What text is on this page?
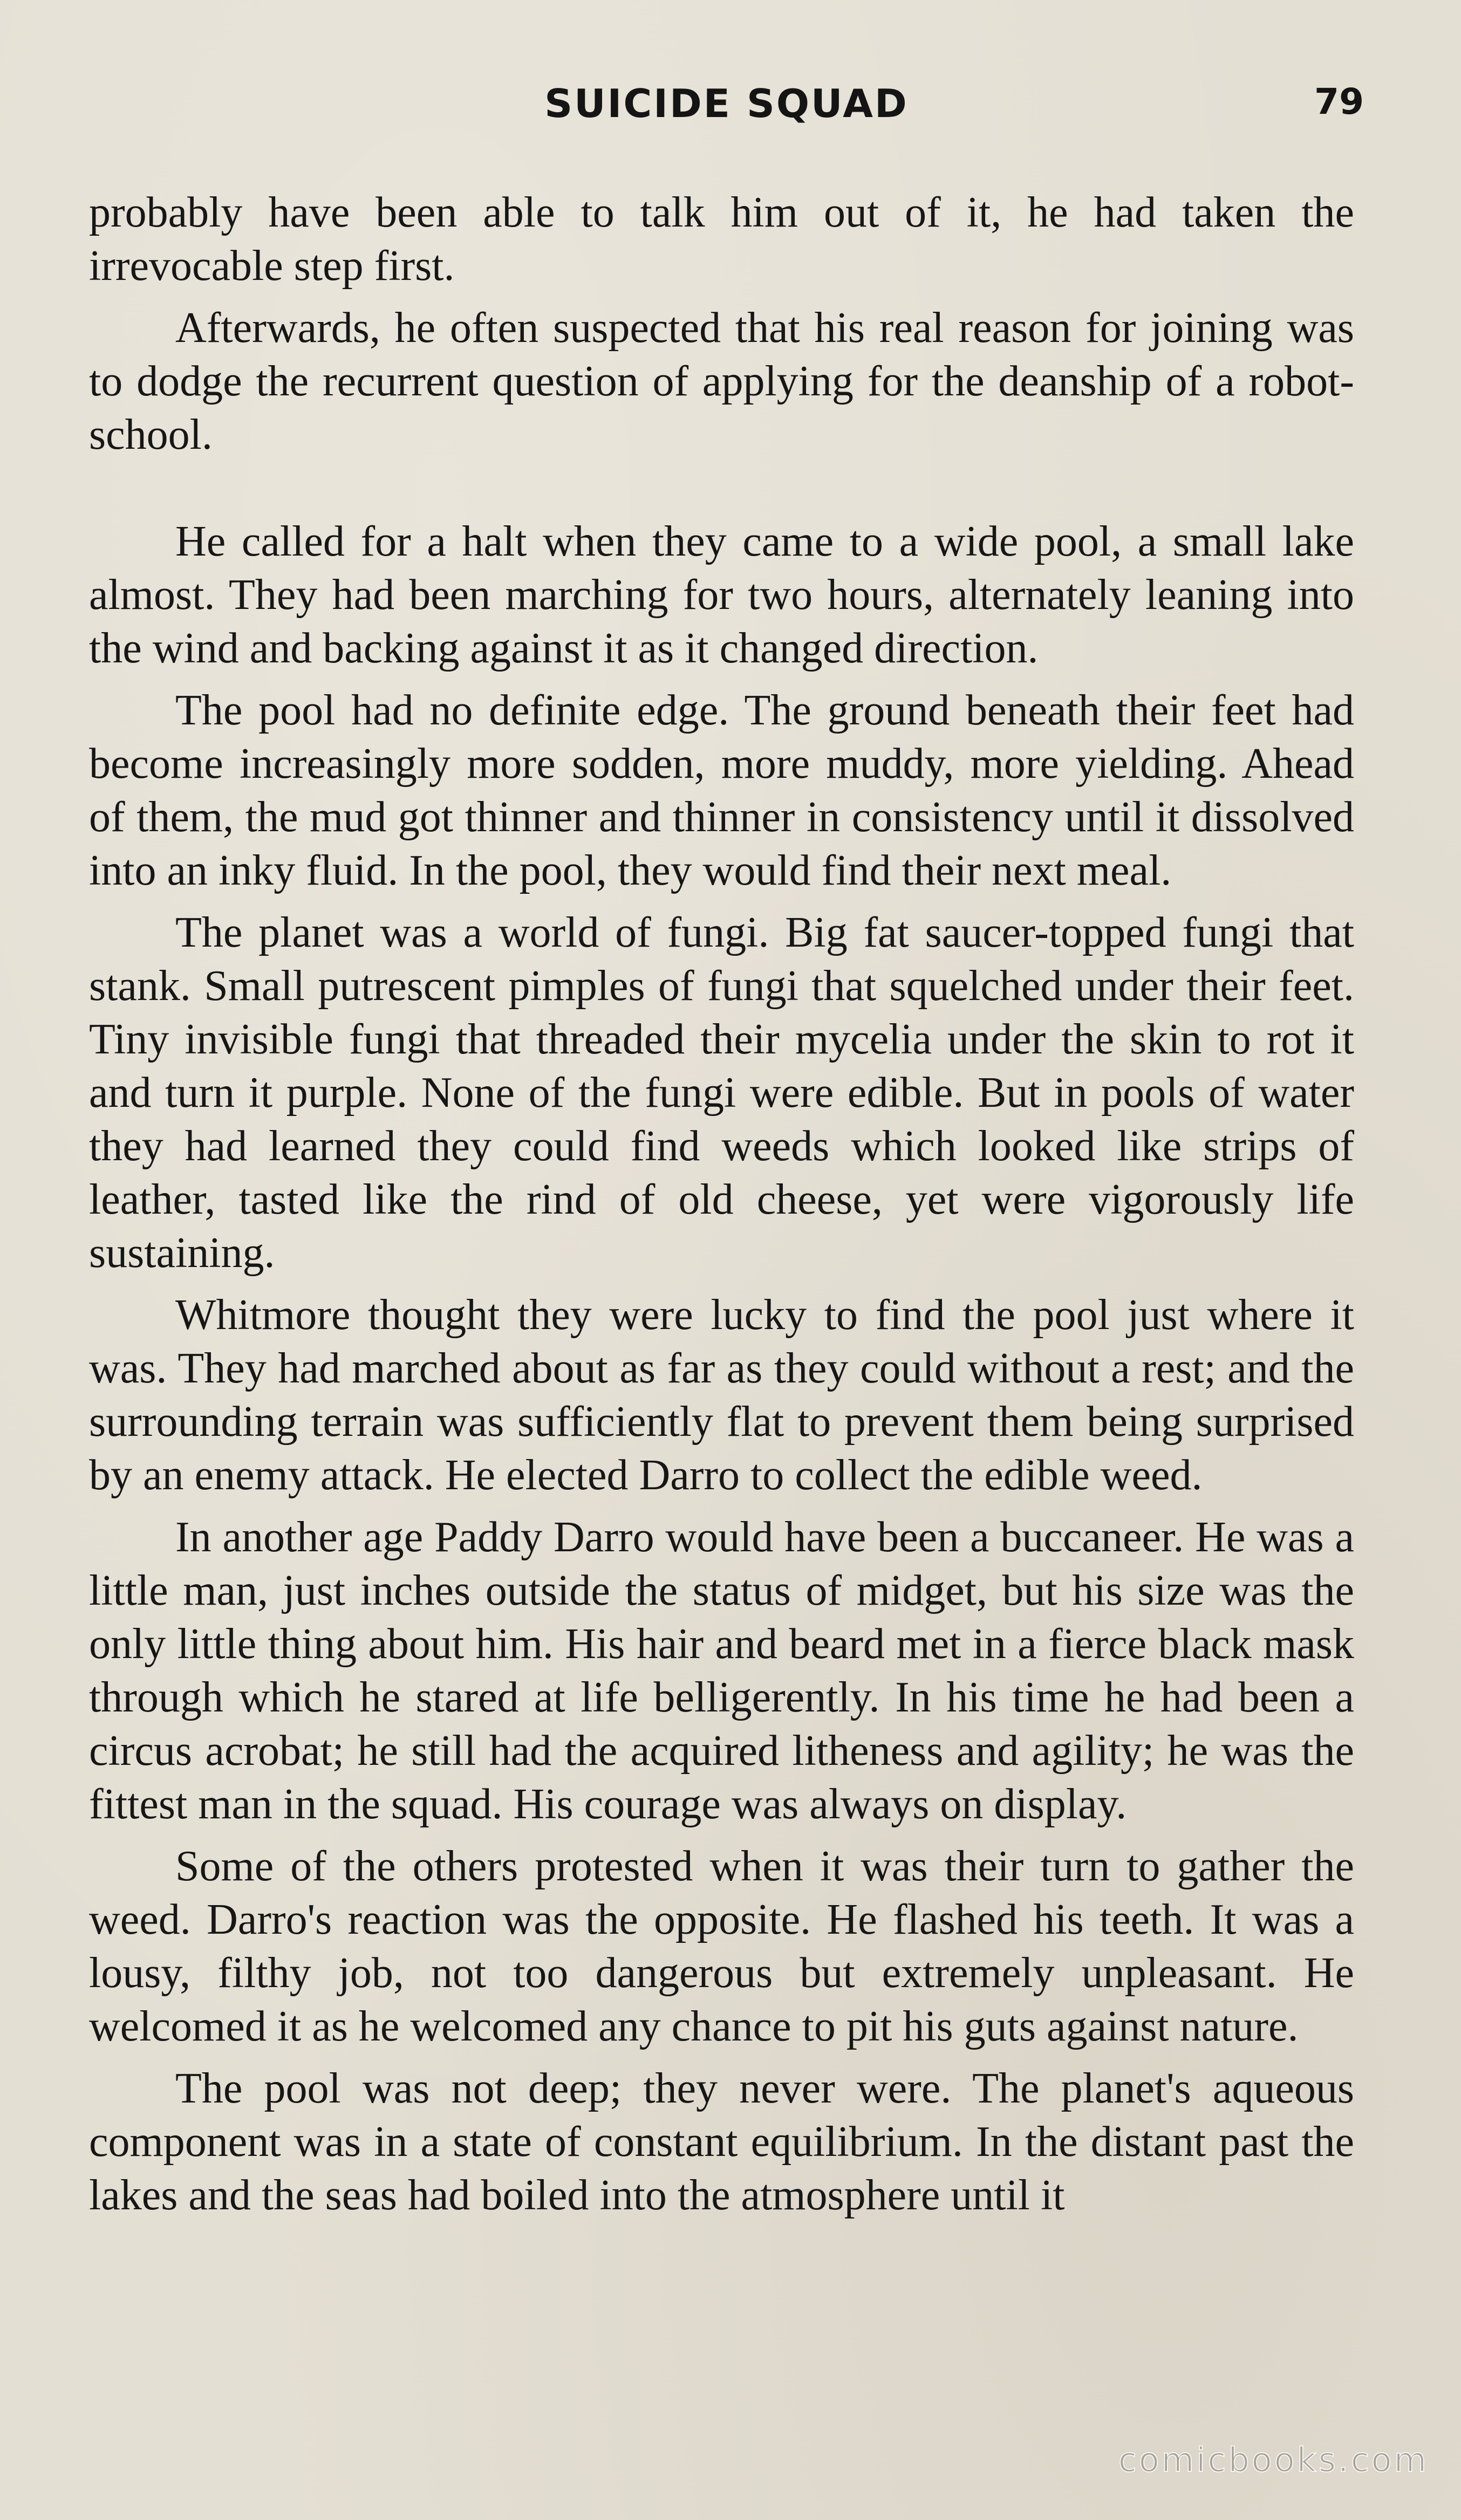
SUICIDE SQUAD	79

probably have been able to talk him out of it, he had taken the irrevocable step first.

Afterwards, he often suspected that his real reason for joining was to dodge the recurrent question of applying for the deanship of a robot-school.

He called for a halt when they came to a wide pool, a small lake almost. They had been marching for two hours, alternately leaning into the wind and backing against it as it changed direction.

The pool had no definite edge. The ground beneath their feet had become increasingly more sodden, more muddy, more yielding. Ahead of them, the mud got thinner and thinner in consistency until it dissolved into an inky fluid. In the pool, they would find their next meal.

The planet was a world of fungi. Big fat saucer-topped fungi that stank. Small putrescent pimples of fungi that squelched under their feet. Tiny invisible fungi that threaded their mycelia under the skin to rot it and turn it purple. None of the fungi were edible. But in pools of water they had learned they could find weeds which looked like strips of leather, tasted like the rind of old cheese, yet were vigorously life sustaining.

Whitmore thought they were lucky to find the pool just where it was. They had marched about as far as they could without a rest; and the surrounding terrain was sufficiently flat to prevent them being surprised by an enemy attack. He elected Darro to collect the edible weed.

In another age Paddy Darro would have been a buccaneer. He was a little man, just inches outside the status of midget, but his size was the only little thing about him. His hair and beard met in a fierce black mask through which he stared at life belligerently. In his time he had been a circus acrobat; he still had the acquired litheness and agility; he was the fittest man in the squad. His courage was always on display.

Some of the others protested when it was their turn to gather the weed. Darro's reaction was the opposite. He flashed his teeth. It was a lousy, filthy job, not too dangerous but extremely unpleasant. He welcomed it as he welcomed any chance to pit his guts against nature.

The pool was not deep; they never were. The planet's aqueous component was in a state of constant equilibrium. In the distant past the lakes and the seas had boiled into the atmosphere until it

comicbooks.com
